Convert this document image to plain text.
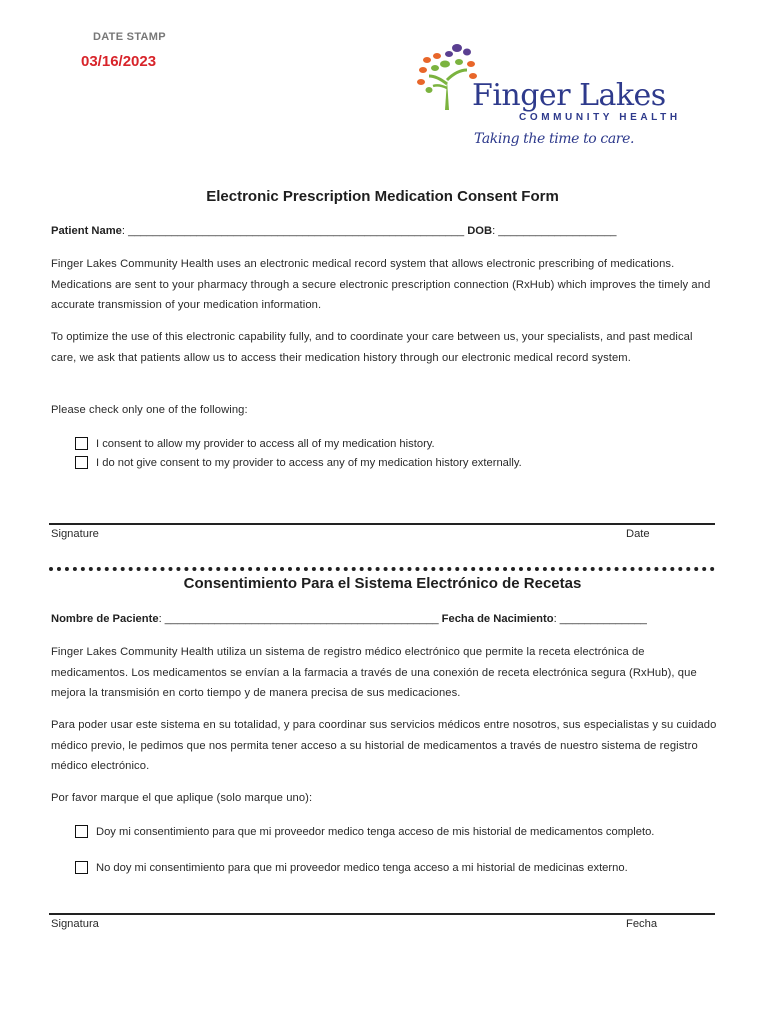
DATE STAMP
03/16/2023
Finger Lakes
COMMUNITY HEALTH
Taking the time to care.
Electronic Prescription Medication Consent Form
Patient Name: ______________________________________________________ DOB: ___________________
Finger Lakes Community Health uses an electronic medical record system that allows electronic prescribing of medications. Medications are sent to your pharmacy through a secure electronic prescription connection (RxHub) which improves the timely and accurate transmission of your medication information.
To optimize the use of this electronic capability fully, and to coordinate your care between us, your specialists, and past medical care, we ask that patients allow us to access their medication history through our electronic medical record system.
Please check only one of the following:
I consent to allow my provider to access all of my medication history.
I do not give consent to my provider to access any of my medication history externally.
Signature	Date
Consentimiento Para el Sistema Electrónico de Recetas
Nombre de Paciente: ____________________________________________ Fecha de Nacimiento: ______________
Finger Lakes Community Health utiliza un sistema de registro médico electrónico que permite la receta electrónica de medicamentos. Los medicamentos se envían a la farmacia a través de una conexión de receta electrónica segura (RxHub), que mejora la transmisión en corto tiempo y de manera precisa de sus medicaciones.
Para poder usar este sistema en su totalidad, y para coordinar sus servicios médicos entre nosotros, sus especialistas y su cuidado médico previo, le pedimos que nos permita tener acceso a su historial de medicamentos a través de nuestro sistema de registro médico electrónico.
Por favor marque el que aplique (solo marque uno):
Doy mi consentimiento para que mi proveedor medico tenga acceso de mis historial de medicamentos completo.
No doy mi consentimiento para que mi proveedor medico tenga acceso a mi historial de medicinas externo.
Signatura	Fecha
